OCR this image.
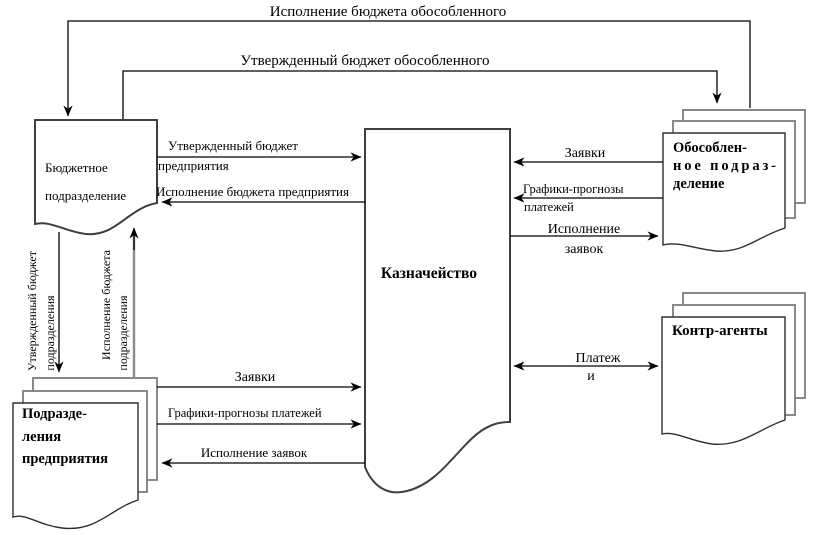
Исполнение бюджета обособленного
Утвержденный бюджет обособленного
Бюджетное
подразделение
Казначейство
Обособлен-
ное подраз-
деление
Контр-агенты
Подразде-
ления
предприятия
Утвержденный бюджет
предприятия
Исполнение бюджета предприятия
Заявки
Графики-прогнозы
платежей
Исполнение
заявок
Платеж
и
Заявки
Графики-прогнозы платежей
Исполнение заявок
Утвержденный бюджет подразделения	Исполнение бюджета подразделения
